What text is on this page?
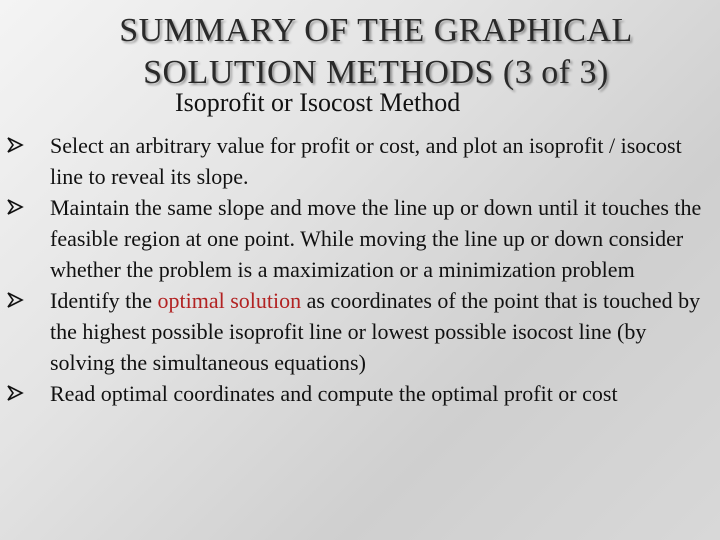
SUMMARY OF THE GRAPHICAL
SOLUTION METHODS (3 of 3)
Isoprofit or Isocost Method
Select an arbitrary value for profit or cost, and plot an isoprofit / isocost line to reveal its slope.
Maintain the same slope and move the line up or down until it touches the feasible region at one point. While moving the line up or down consider whether the problem is a maximization or a minimization problem
Identify the optimal solution as coordinates of the point that is touched by the highest possible isoprofit line or lowest possible isocost line (by solving the simultaneous equations)
Read optimal coordinates and compute the optimal profit or cost
